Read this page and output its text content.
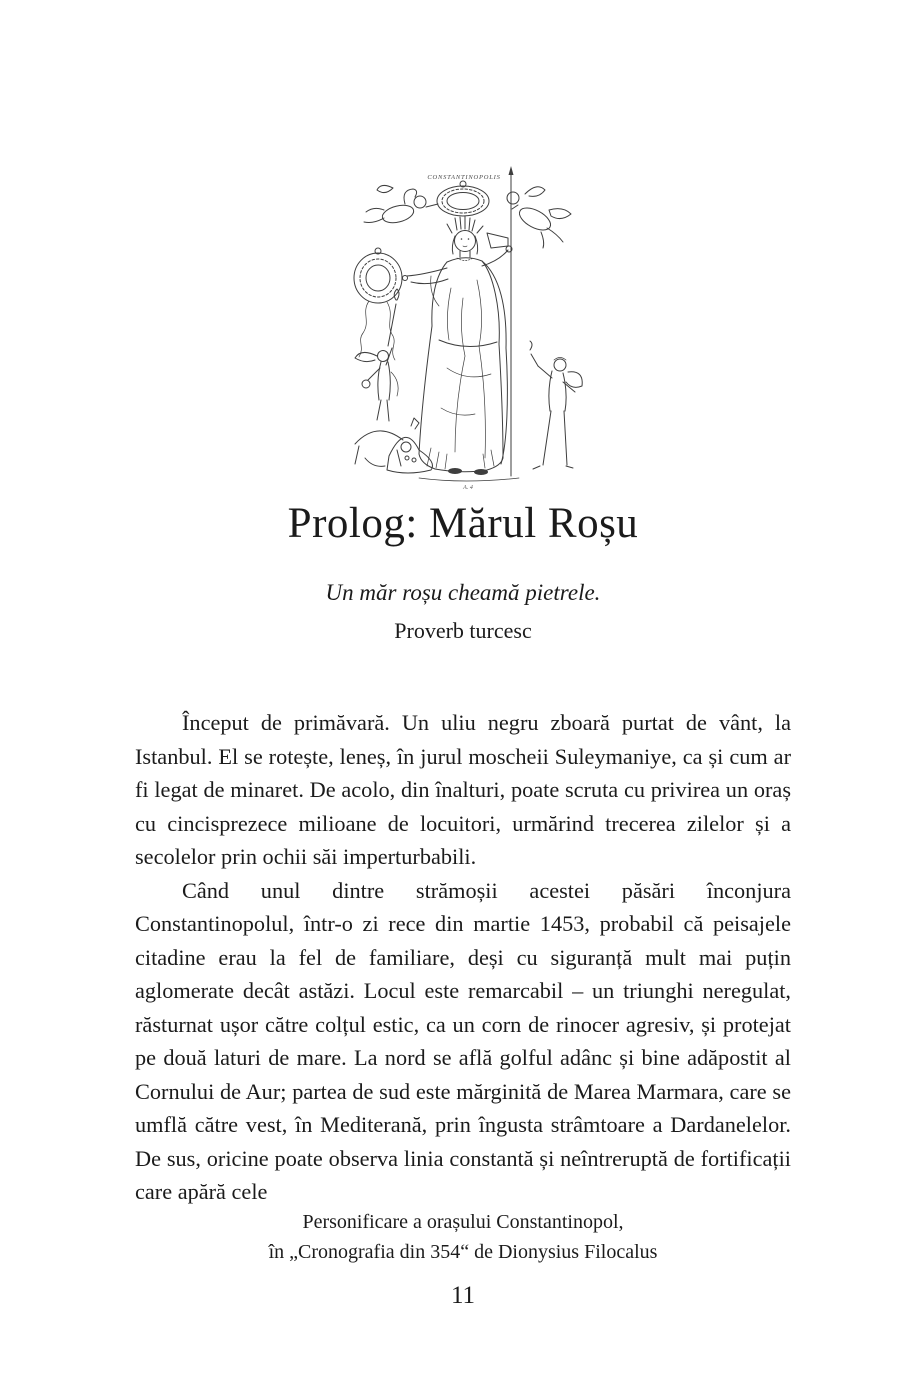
CONSTANTINOPOLIS
A. 4
Prolog: Mărul Roșu

Un măr roșu cheamă pietrele.

Proverb turcesc

Început de primăvară. Un uliu negru zboară purtat de vânt, la Istanbul. El se rotește, leneș, în jurul moscheii Suleymaniye, ca și cum ar fi legat de minaret. De acolo, din înalturi, poate scruta cu privirea un oraș cu cincisprezece milioane de locuitori, urmărind trecerea zilelor și a secolelor prin ochii săi imperturbabili.

Când unul dintre strămoșii acestei păsări înconjura Constantinopolul, într-o zi rece din martie 1453, probabil că peisajele citadine erau la fel de familiare, deși cu siguranță mult mai puțin aglomerate decât astăzi. Locul este remarcabil – un triunghi neregulat, răsturnat ușor către colțul estic, ca un corn de rinocer agresiv, și protejat pe două laturi de mare. La nord se află golful adânc și bine adăpostit al Cornului de Aur; partea de sud este mărginită de Marea Marmara, care se umflă către vest, în Mediterană, prin îngusta strâmtoare a Dardanelelor. De sus, oricine poate observa linia constantă și neîntreruptă de fortificații care apără cele

Personificare a orașului Constantinopol,

în „Cronografia din 354“ de Dionysius Filocalus

11
